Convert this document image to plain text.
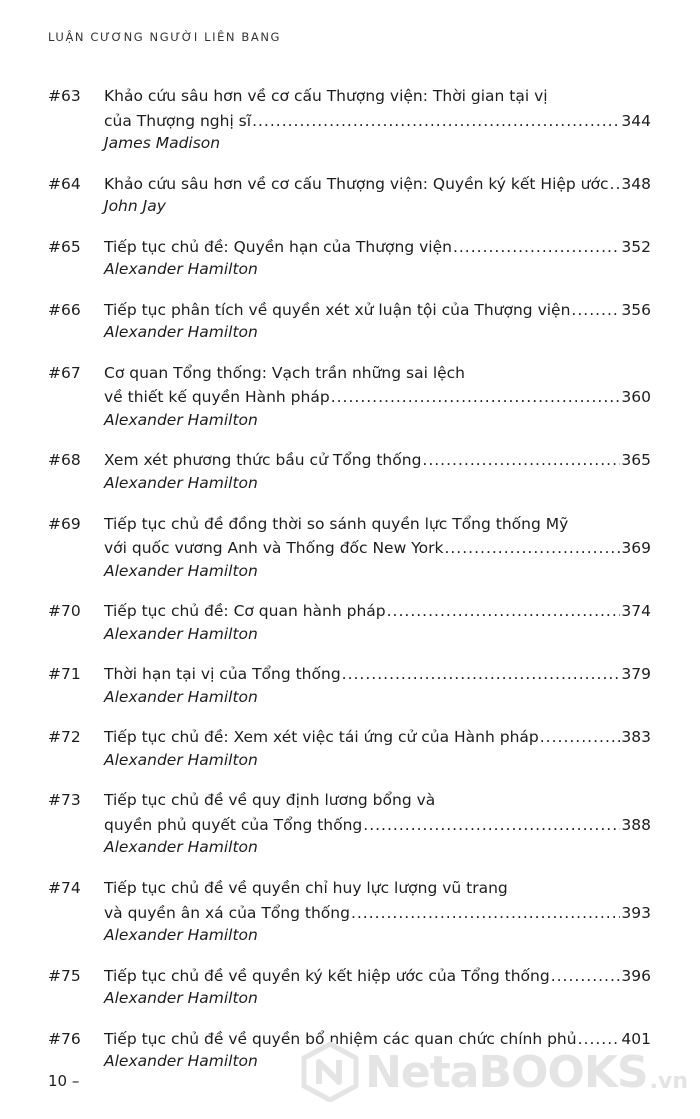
LUẬN CƯƠNG NGƯỜI LIÊN BANG
#63 Khảo cứu sâu hơn về cơ cấu Thượng viện: Thời gian tại vị
của Thượng nghị sĩ .....	344
James Madison
#64 Khảo cứu sâu hơn về cơ cấu Thượng viện: Quyền ký kết Hiệp ước ..... 348
John Jay
#65 Tiếp tục chủ đề: Quyền hạn của Thượng viện .....	352
Alexander Hamilton
#66 Tiếp tục phân tích về quyền xét xử luận tội của Thượng viện .....	356
Alexander Hamilton
#67 Cơ quan Tổng thống: Vạch trần những sai lệch
về thiết kế quyền Hành pháp .....	360
Alexander Hamilton
#68 Xem xét phương thức bầu cử Tổng thống .....	365
Alexander Hamilton
#69 Tiếp tục chủ đề đồng thời so sánh quyền lực Tổng thống Mỹ
với quốc vương Anh và Thống đốc New York .....	369
Alexander Hamilton
#70 Tiếp tục chủ đề: Cơ quan hành pháp .....	374
Alexander Hamilton
#71 Thời hạn tại vị của Tổng thống .....	379
Alexander Hamilton
#72 Tiếp tục chủ đề: Xem xét việc tái ứng cử của Hành pháp .....	383
Alexander Hamilton
#73 Tiếp tục chủ đề về quy định lương bổng và
quyền phủ quyết của Tổng thống .....	388
Alexander Hamilton
#74 Tiếp tục chủ đề về quyền chỉ huy lực lượng vũ trang
và quyền ân xá của Tổng thống .....	393
Alexander Hamilton
#75 Tiếp tục chủ đề về quyền ký kết hiệp ước của Tổng thống .....	396
Alexander Hamilton
#76 Tiếp tục chủ đề về quyền bổ nhiệm các quan chức chính phủ .....	401
Alexander Hamilton
10 –	NetaBOOKS .vn
